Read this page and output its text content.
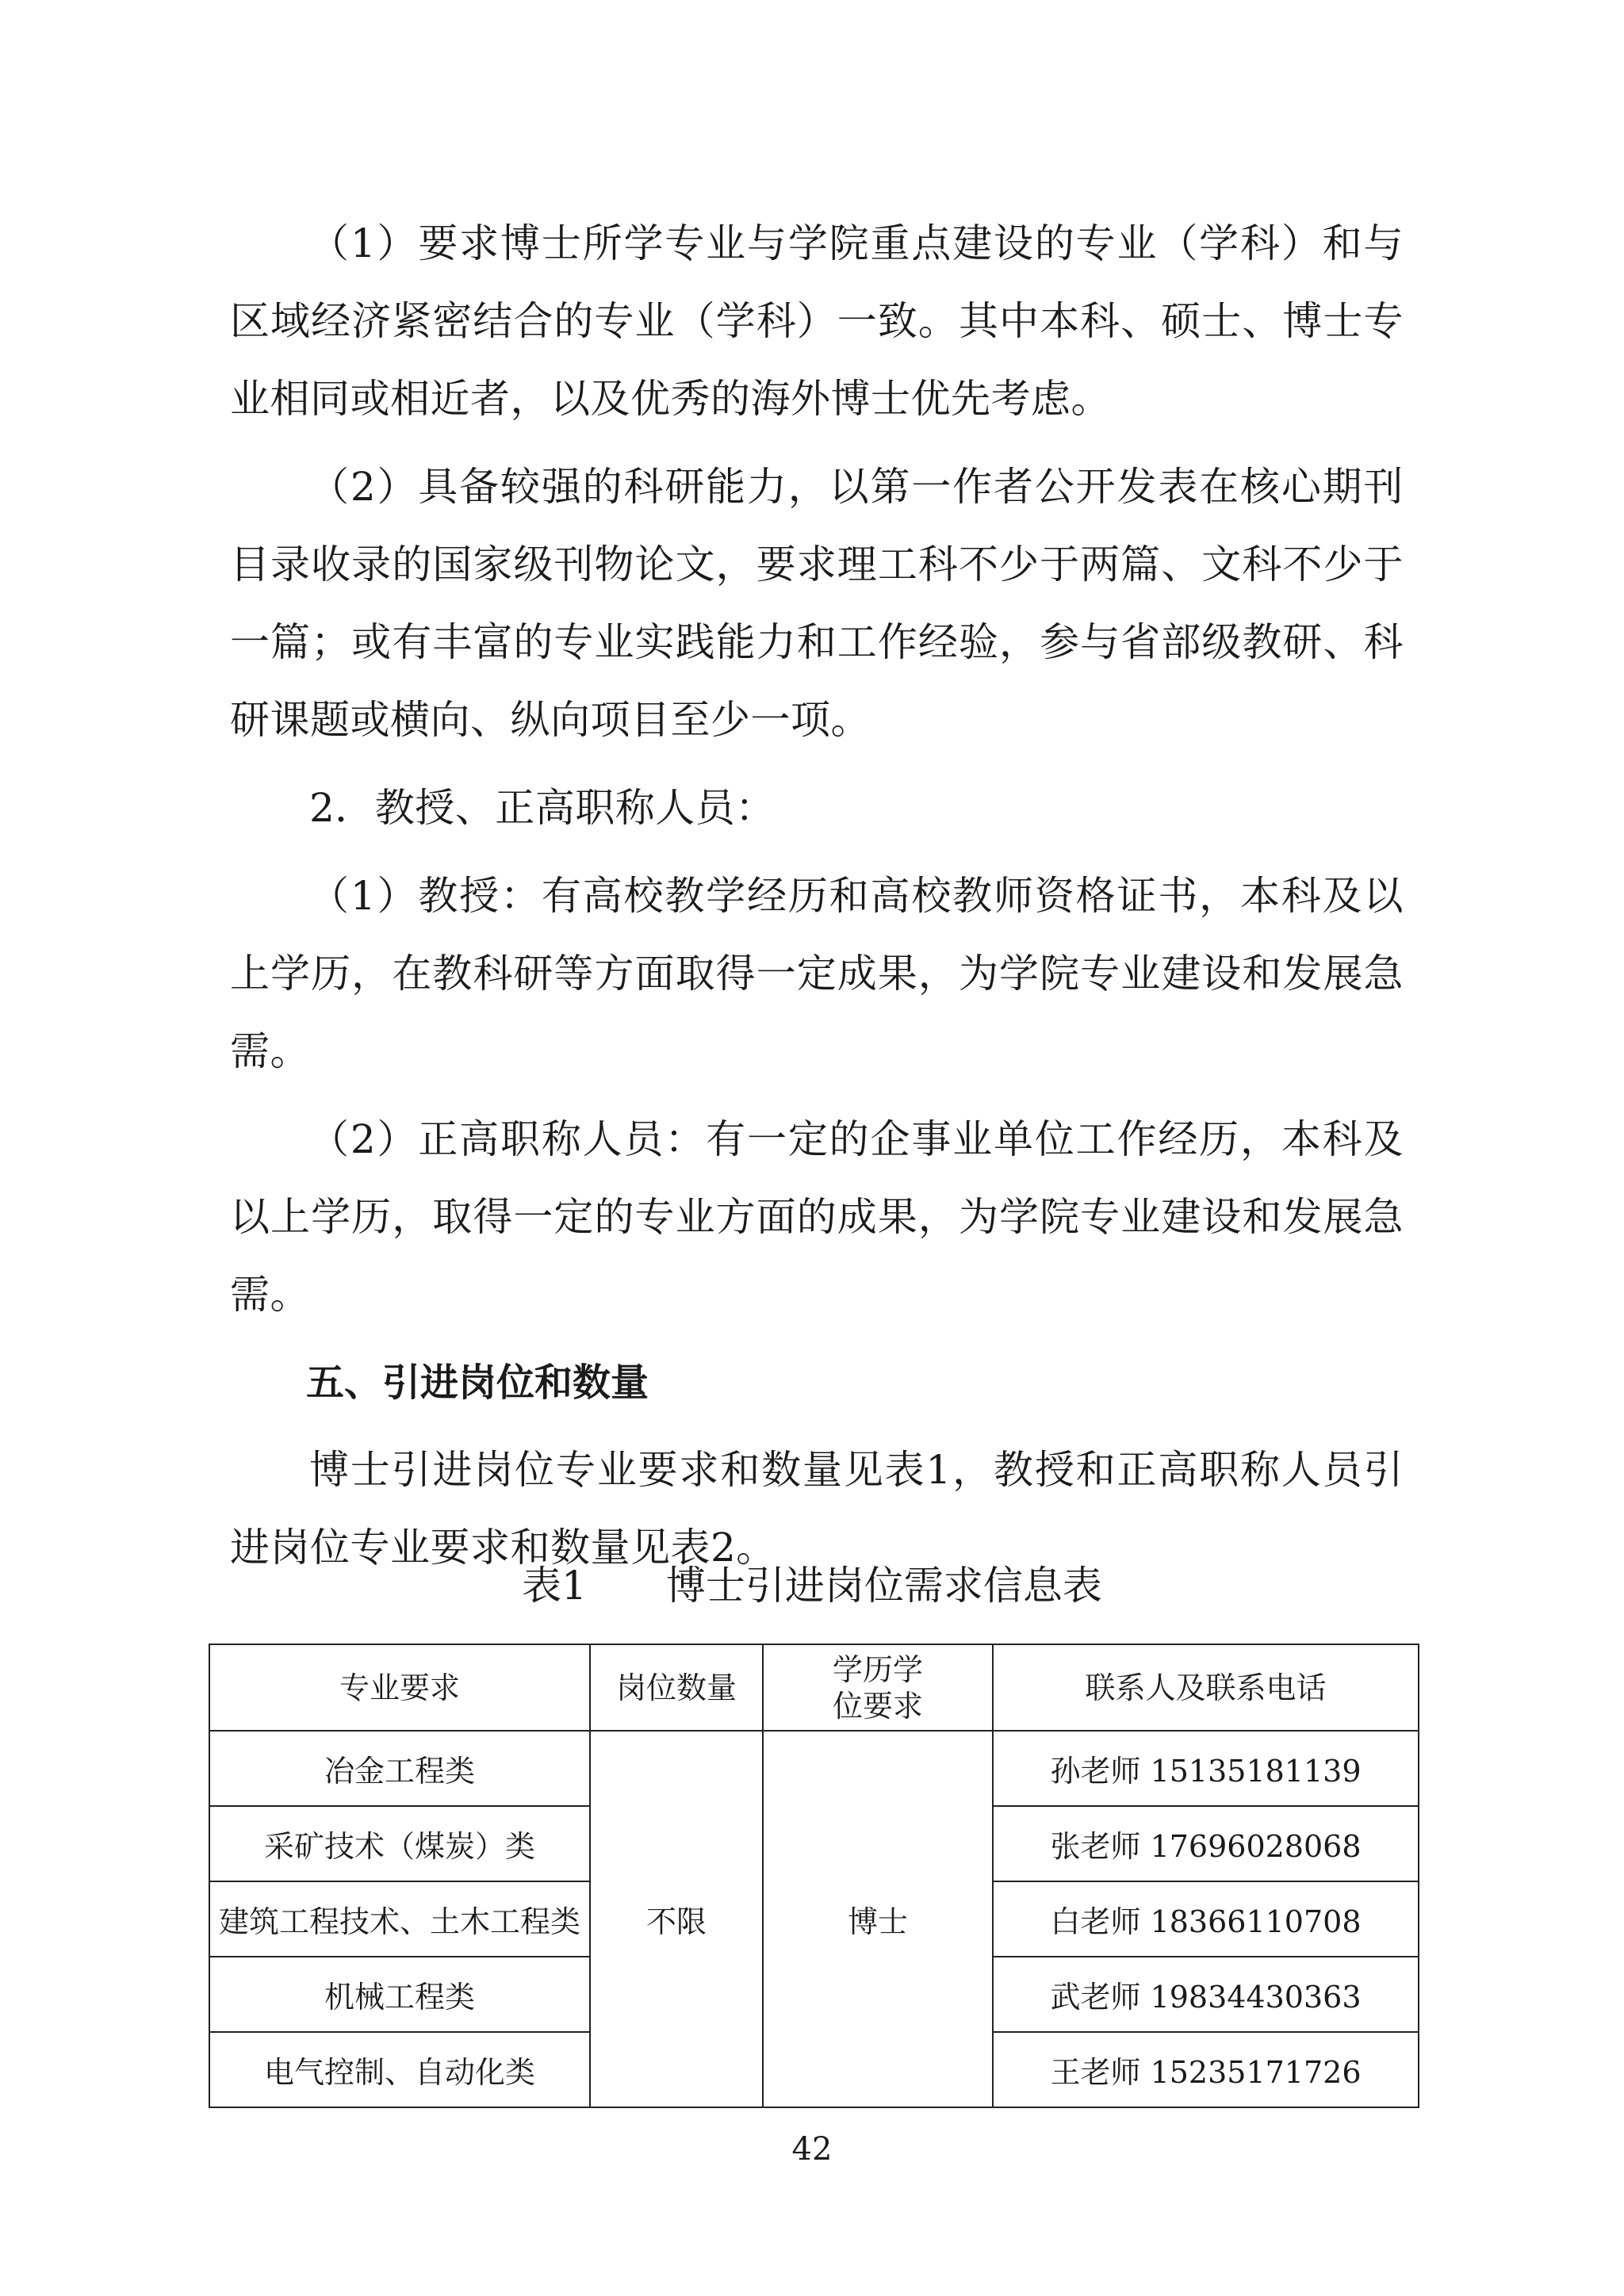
（1）要求博士所学专业与学院重点建设的专业（学科）和与区域经济紧密结合的专业（学科）一致。其中本科、硕士、博士专业相同或相近者，以及优秀的海外博士优先考虑。

（2）具备较强的科研能力，以第一作者公开发表在核心期刊目录收录的国家级刊物论文，要求理工科不少于两篇、文科不少于一篇；或有丰富的专业实践能力和工作经验，参与省部级教研、科研课题或横向、纵向项目至少一项。

2．教授、正高职称人员：

（1）教授：有高校教学经历和高校教师资格证书，本科及以上学历，在教科研等方面取得一定成果，为学院专业建设和发展急需。

（2）正高职称人员：有一定的企事业单位工作经历，本科及以上学历，取得一定的专业方面的成果，为学院专业建设和发展急需。

五、引进岗位和数量

博士引进岗位专业要求和数量见表1，教授和正高职称人员引进岗位专业要求和数量见表2。

表1　　博士引进岗位需求信息表
专业要求	岗位数量	学历学位要求	联系人及联系电话
冶金工程类	不限	博士	孙老师 15135181139
采矿技术（煤炭）类			张老师 17696028068
建筑工程技术、土木工程类			白老师 18366110708
机械工程类			武老师 19834430363
电气控制、自动化类			王老师 15235171726
42
